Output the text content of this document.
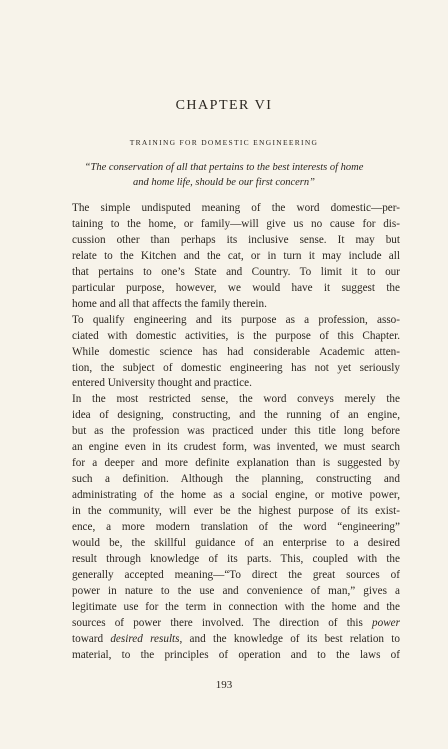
CHAPTER VI
TRAINING FOR DOMESTIC ENGINEERING
“The conservation of all that pertains to the best interests of home
and home life, should be our first concern”

The simple undisputed meaning of the word domestic—per-
taining to the home, or family—will give us no cause for dis-
cussion other than perhaps its inclusive sense. It may but
relate to the Kitchen and the cat, or in turn it may include all
that pertains to one’s State and Country. To limit it to our
particular purpose, however, we would have it suggest the
home and all that affects the family therein.

To qualify engineering and its purpose as a profession, asso-
ciated with domestic activities, is the purpose of this Chapter.
While domestic science has had considerable Academic atten-
tion, the subject of domestic engineering has not yet seriously
entered University thought and practice.

In the most restricted sense, the word conveys merely the
idea of designing, constructing, and the running of an engine,
but as the profession was practiced under this title long before
an engine even in its crudest form, was invented, we must search
for a deeper and more definite explanation than is suggested by
such a definition. Although the planning, constructing and
administrating of the home as a social engine, or motive power,
in the community, will ever be the highest purpose of its exist-
ence, a more modern translation of the word “engineering”
would be, the skillful guidance of an enterprise to a desired
result through knowledge of its parts. This, coupled with the
generally accepted meaning—“To direct the great sources of
power in nature to the use and convenience of man,” gives a
legitimate use for the term in connection with the home and the
sources of power there involved. The direction of this power
toward desired results, and the knowledge of its best relation to
material, to the principles of operation and to the laws of

193
